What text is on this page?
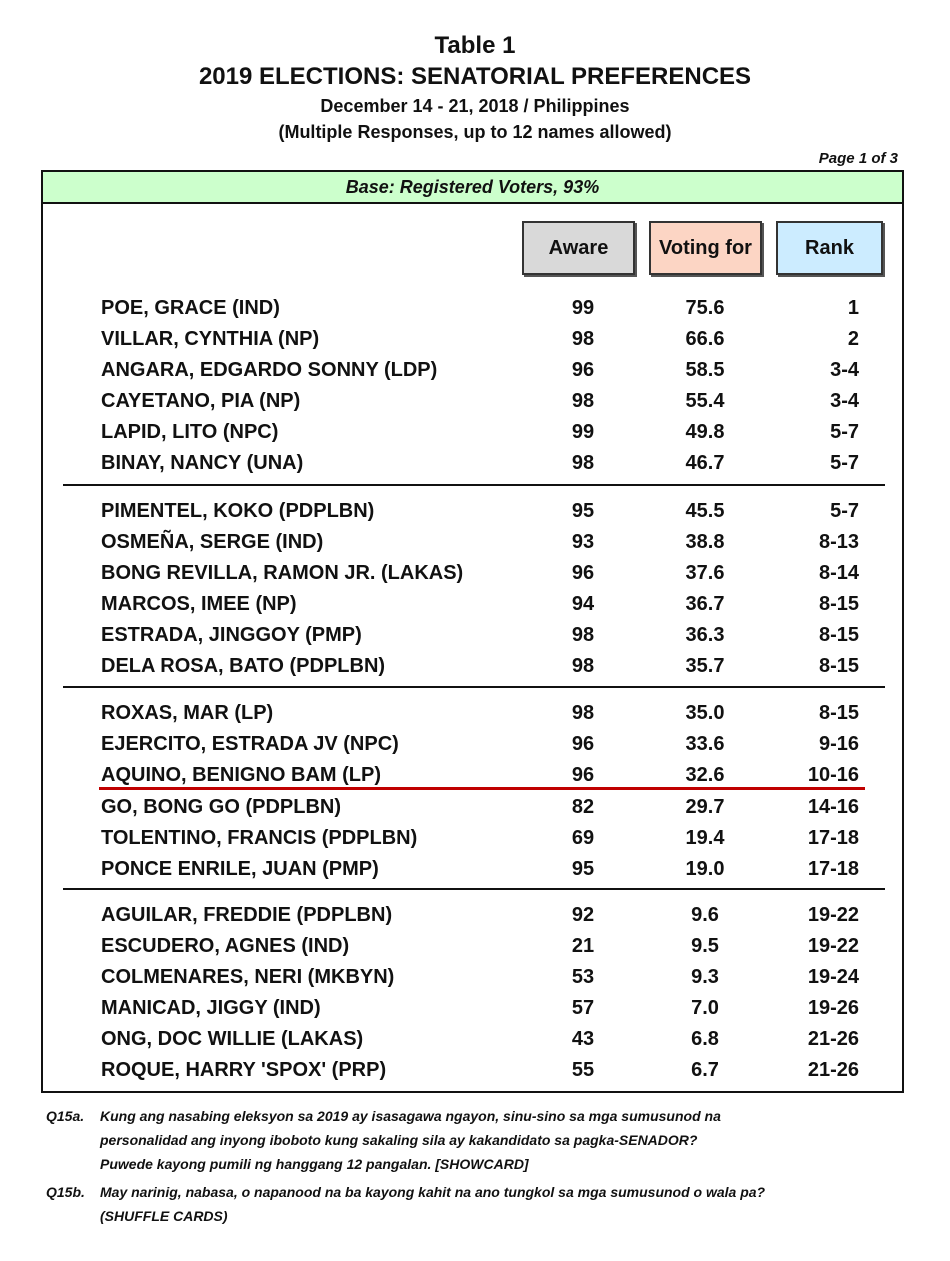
Table 1
2019 ELECTIONS: SENATORIAL PREFERENCES
December 14 - 21, 2018 / Philippines
(Multiple Responses, up to 12 names allowed)
Page 1 of 3
Base: Registered Voters, 93%
Aware	Voting for	Rank
POE, GRACE (IND)	99	75.6	1
VILLAR, CYNTHIA (NP)	98	66.6	2
ANGARA, EDGARDO SONNY (LDP)	96	58.5	3-4
CAYETANO, PIA (NP)	98	55.4	3-4
LAPID, LITO (NPC)	99	49.8	5-7
BINAY, NANCY (UNA)	98	46.7	5-7
PIMENTEL, KOKO (PDPLBN)	95	45.5	5-7
OSMEÑA, SERGE (IND)	93	38.8	8-13
BONG REVILLA, RAMON JR. (LAKAS)	96	37.6	8-14
MARCOS, IMEE (NP)	94	36.7	8-15
ESTRADA, JINGGOY (PMP)	98	36.3	8-15
DELA ROSA, BATO (PDPLBN)	98	35.7	8-15
ROXAS, MAR (LP)	98	35.0	8-15
EJERCITO, ESTRADA JV (NPC)	96	33.6	9-16
AQUINO, BENIGNO BAM (LP)	96	32.6	10-16
GO, BONG GO (PDPLBN)	82	29.7	14-16
TOLENTINO, FRANCIS (PDPLBN)	69	19.4	17-18
PONCE ENRILE, JUAN (PMP)	95	19.0	17-18
AGUILAR, FREDDIE (PDPLBN)	92	9.6	19-22
ESCUDERO, AGNES (IND)	21	9.5	19-22
COLMENARES, NERI (MKBYN)	53	9.3	19-24
MANICAD, JIGGY (IND)	57	7.0	19-26
ONG, DOC WILLIE (LAKAS)	43	6.8	21-26
ROQUE, HARRY 'SPOX' (PRP)	55	6.7	21-26
Q15a. Kung ang nasabing eleksyon sa 2019 ay isasagawa ngayon, sinu-sino sa mga sumusunod na
personalidad ang inyong iboboto kung sakaling sila ay kakandidato sa pagka-SENADOR?
Puwede kayong pumili ng hanggang 12 pangalan. [SHOWCARD]
Q15b. May narinig, nabasa, o napanood na ba kayong kahit na ano tungkol sa mga sumusunod o wala pa?
(SHUFFLE CARDS)
